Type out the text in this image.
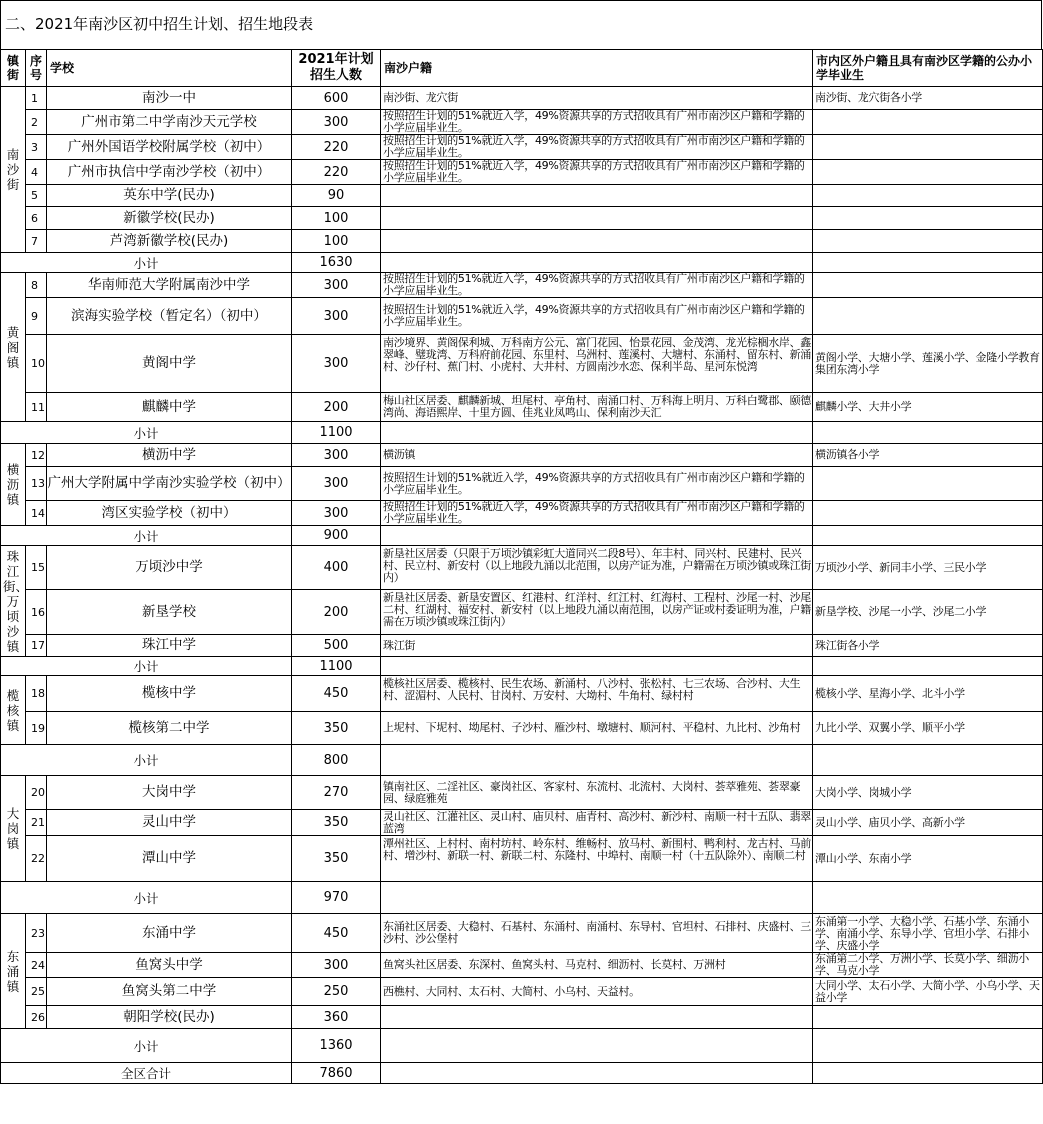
二、2021年南沙区初中招生计划、招生地段表
镇街	序号	学校	2021年计划招生人数	南沙户籍	市内区外户籍且具有南沙区学籍的公办小学毕业生
南沙街	1	南沙一中	600	南沙街、龙穴街	南沙街、龙穴街各小学
	2	广州市第二中学南沙天元学校	300	按照招生计划的51%就近入学，49%资源共享的方式招收具有广州市南沙区户籍和学籍的小学应届毕业生。	
	3	广州外国语学校附属学校（初中）	220	按照招生计划的51%就近入学，49%资源共享的方式招收具有广州市南沙区户籍和学籍的小学应届毕业生。	
	4	广州市执信中学南沙学校（初中）	220	按照招生计划的51%就近入学，49%资源共享的方式招收具有广州市南沙区户籍和学籍的小学应届毕业生。	
	5	英东中学(民办)	90		
	6	新徽学校(民办)	100		
	7	芦湾新徽学校(民办)	100		
小计			1630		
黄阁镇	8	华南师范大学附属南沙中学	300	按照招生计划的51%就近入学，49%资源共享的方式招收具有广州市南沙区户籍和学籍的小学应届毕业生。	
	9	滨海实验学校（暂定名）（初中）	300	按照招生计划的51%就近入学，49%资源共享的方式招收具有广州市南沙区户籍和学籍的小学应届毕业生。	
	10	黄阁中学	300	南沙境界、黄阁保利城、万科南方公元、富门花园、怡景花园、金茂湾、龙光棕榈水岸、鑫翠峰、璧珑湾、万科府前花园、东里村、乌洲村、莲溪村、大塘村、东涌村、留东村、新涌村、沙仔村、蕉门村、小虎村、大井村、方圆南沙水恋、保利半岛、星河东悦湾	黄阁小学、大塘小学、莲溪小学、金隆小学教育集团东湾小学
	11	麒麟中学	200	梅山社区居委、麒麟新城、坦尾村、亭角村、南涌口村、万科海上明月、万科白鹭郡、颐德湾尚、海语熙岸、十里方圆、佳兆业凤鸣山、保利南沙天汇	麒麟小学、大井小学
小计			1100		
横沥镇	12	横沥中学	300	横沥镇	横沥镇各小学
	13	广州大学附属中学南沙实验学校（初中）	300	按照招生计划的51%就近入学，49%资源共享的方式招收具有广州市南沙区户籍和学籍的小学应届毕业生。	
	14	湾区实验学校（初中）	300	按照招生计划的51%就近入学，49%资源共享的方式招收具有广州市南沙区户籍和学籍的小学应届毕业生。	
小计			900		
珠江街、万顷沙镇	15	万顷沙中学	400	新垦社区居委（只限于万顷沙镇彩虹大道同兴二段8号）、年丰村、同兴村、民建村、民兴村、民立村、新安村（以上地段九涌以北范围，以房产证为准，户籍需在万顷沙镇或珠江街内）	万顷沙小学、新同丰小学、三民小学
	16	新垦学校	200	新垦社区居委、新垦安置区、红港村、红洋村、红江村、红海村、工程村、沙尾一村、沙尾二村、红湖村、福安村、新安村（以上地段九涌以南范围，以房产证或村委证明为准，户籍需在万顷沙镇或珠江街内）	新垦学校、沙尾一小学、沙尾二小学
	17	珠江中学	500	珠江街	珠江街各小学
小计			1100		
榄核镇	18	榄核中学	450	榄核社区居委、榄核村、民生农场、新涌村、八沙村、张松村、七三农场、合沙村、大生村、涩湄村、人民村、甘岗村、万安村、大坳村、牛角村、绿村村	榄核小学、星海小学、北斗小学
	19	榄核第二中学	350	上坭村、下坭村、坳尾村、子沙村、雁沙村、墩塘村、顺河村、平稳村、九比村、沙角村	九比小学、双翼小学、顺平小学
小计			800		
大岗镇	20	大岗中学	270	镇南社区、二淫社区、豪岗社区、客家村、东流村、北流村、大岗村、荟萃雅苑、荟翠豪园、绿庭雅苑	大岗小学、岗城小学
	21	灵山中学	350	灵山社区、江灌社区、灵山村、庙贝村、庙青村、高沙村、新沙村、南顺一村十五队、翡翠蓝湾	灵山小学、庙贝小学、高新小学
	22	潭山中学	350	潭州社区、上村村、南村坊村、岭东村、维畅村、放马村、新围村、鸭利村、龙古村、马前村、增沙村、新联一村、新联二村、东隆村、中埠村、南顺一村（十五队除外）、南顺二村	潭山小学、东南小学
小计			970		
东涌镇	23	东涌中学	450	东涌社区居委、大稳村、石基村、东涌村、南涌村、东导村、官坦村、石排村、庆盛村、三沙村、沙公堡村	东涌第一小学、大稳小学、石基小学、东涌小学、南涌小学、东导小学、官坦小学、石排小学、庆盛小学
	24	鱼窝头中学	300	鱼窝头社区居委、东深村、鱼窝头村、马克村、细沥村、长莫村、万洲村	东涌第二小学、万洲小学、长莫小学、细沥小学、马克小学
	25	鱼窝头第二中学	250	西樵村、大同村、太石村、大简村、小乌村、天益村。	大同小学、太石小学、大简小学、小乌小学、天益小学
	26	朝阳学校(民办)	360		
小计			1360		
全区合计			7860		
